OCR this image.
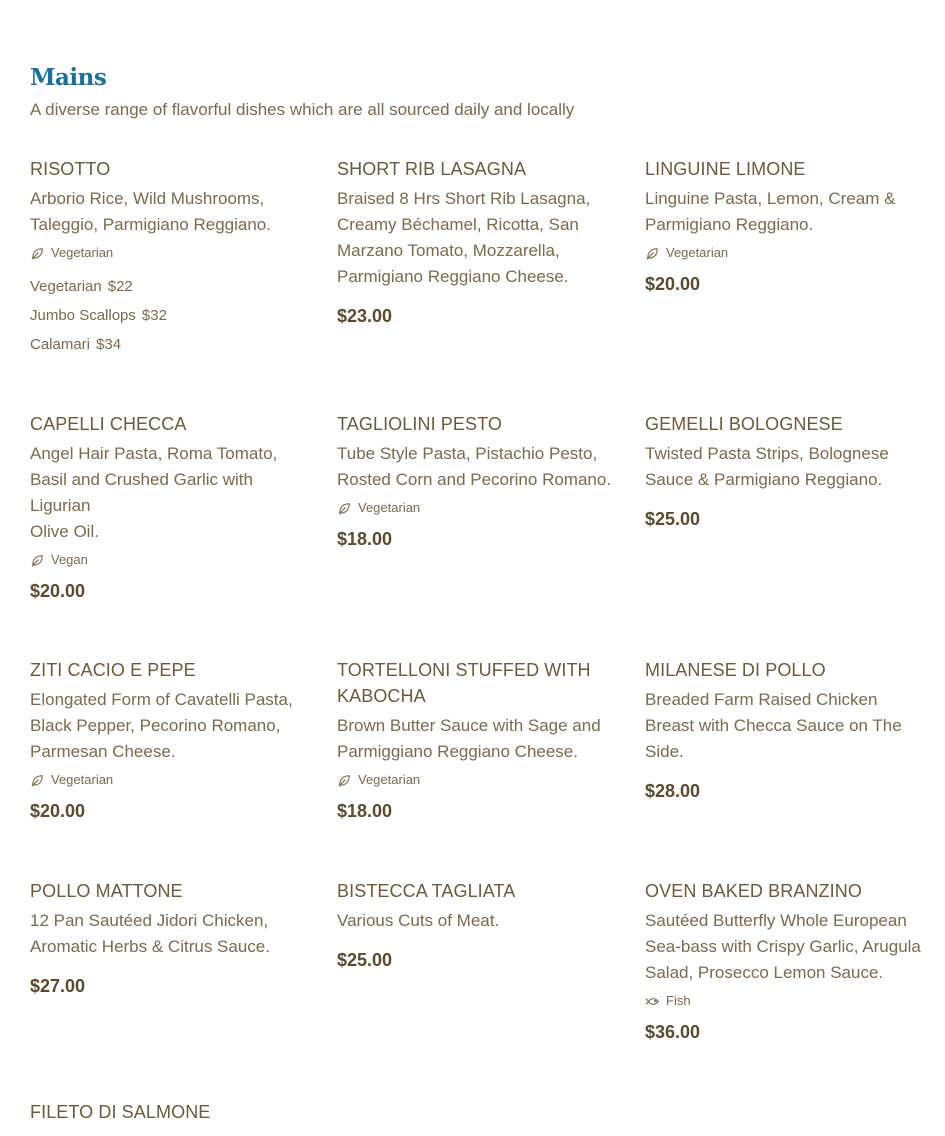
Mains

A diverse range of flavorful dishes which are all sourced daily and locally

RISOTTO
Arborio Rice, Wild Mushrooms,
Taleggio, Parmigiano Reggiano.
Vegetarian
Vegetarian $22
Jumbo Scallops $32
Calamari $34
SHORT RIB LASAGNA
Braised 8 Hrs Short Rib Lasagna,
Creamy Béchamel, Ricotta, San
Marzano Tomato, Mozzarella,
Parmigiano Reggiano Cheese.
$23.00
LINGUINE LIMONE
Linguine Pasta, Lemon, Cream &
Parmigiano Reggiano.
Vegetarian
$20.00
CAPELLI CHECCA
Angel Hair Pasta, Roma Tomato,
Basil and Crushed Garlic with
Ligurian
Olive Oil.
Vegan
$20.00
TAGLIOLINI PESTO
Tube Style Pasta, Pistachio Pesto,
Rosted Corn and Pecorino Romano.
Vegetarian
$18.00
GEMELLI BOLOGNESE
Twisted Pasta Strips, Bolognese
Sauce & Parmigiano Reggiano.
$25.00
ZITI CACIO E PEPE
Elongated Form of Cavatelli Pasta,
Black Pepper, Pecorino Romano,
Parmesan Cheese.
Vegetarian
$20.00
TORTELLONI STUFFED WITH
KABOCHA
Brown Butter Sauce with Sage and
Parmiggiano Reggiano Cheese.
Vegetarian
$18.00
MILANESE DI POLLO
Breaded Farm Raised Chicken
Breast with Checca Sauce on The
Side.
$28.00
POLLO MATTONE
12 Pan Sautéed Jidori Chicken,
Aromatic Herbs & Citrus Sauce.
$27.00
BISTECCA TAGLIATA
Various Cuts of Meat.
$25.00
OVEN BAKED BRANZINO
Sautéed Butterfly Whole European
Sea-bass with Crispy Garlic, Arugula
Salad, Prosecco Lemon Sauce.
Fish
$36.00
FILETO DI SALMONE
